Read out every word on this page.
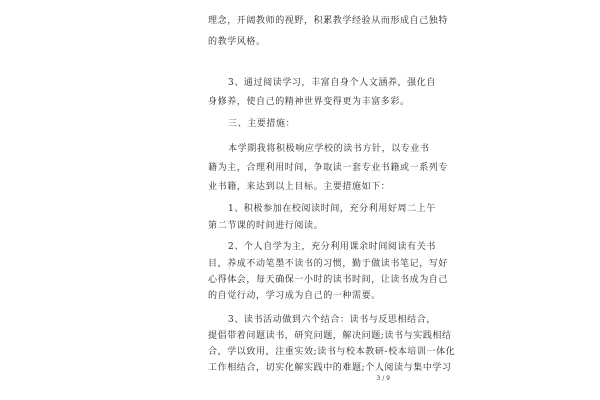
理念，开阔教师的视野，积累教学经验从而形成自己独特
的教学风格。
3、通过阅读学习，丰富自身个人文涵养，强化自
身修养，使自己的精神世界变得更为丰富多彩。
三、主要措施：
本学期我将积极响应学校的读书方针，以专业书
籍为主，合理利用时间，争取读一套专业书籍或一系列专
业书籍，来达到以上目标。主要措施如下：
1、积极参加在校阅读时间，充分利用好周二上午
第二节课的时间进行阅读。
2、个人自学为主，充分利用课余时间阅读有关书
目，养成不动笔墨不读书的习惯，勤于做读书笔记，写好
心得体会，每天确保一小时的读书时间，让读书成为自己
的自觉行动，学习成为自己的一种需要。
3、读书活动做到六个结合：读书与反思相结合，
提倡带着问题读书，研究问题，解决问题;读书与实践相结
合，学以致用，注重实效;读书与校本教研-校本培训一体化
工作相结合，切实化解实践中的难题;个人阅读与集中学习
3 / 9
